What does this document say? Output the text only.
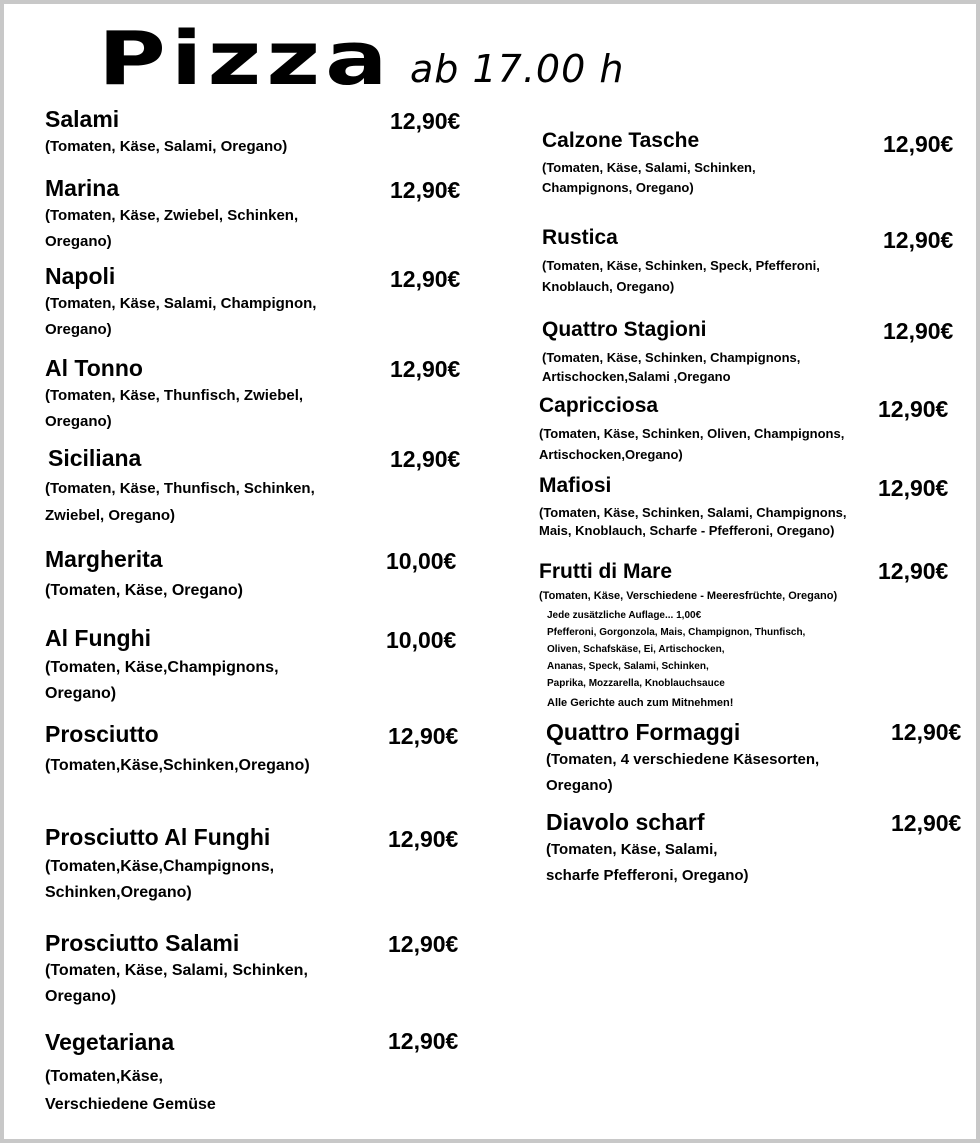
Pizza ab 17.00 h
Salami
(Tomaten, Käse, Salami, Oregano)
12,90€
Marina
(Tomaten, Käse, Zwiebel, Schinken,
Oregano)
12,90€
Napoli
(Tomaten, Käse, Salami, Champignon,
Oregano)
12,90€
Al Tonno
(Tomaten, Käse, Thunfisch, Zwiebel,
Oregano)
12,90€
Siciliana
(Tomaten, Käse, Thunfisch, Schinken,
Zwiebel, Oregano)
12,90€
Margherita
(Tomaten, Käse, Oregano)
10,00€
Al Funghi
(Tomaten, Käse,Champignons,
Oregano)
10,00€
Prosciutto
(Tomaten,Käse,Schinken,Oregano)
12,90€
Prosciutto Al Funghi
(Tomaten,Käse,Champignons,
Schinken,Oregano)
12,90€
Prosciutto Salami
(Tomaten, Käse, Salami, Schinken,
Oregano)
12,90€
Vegetariana
(Tomaten,Käse,
Verschiedene Gemüse
12,90€
Calzone Tasche
(Tomaten, Käse, Salami, Schinken,
Champignons, Oregano)
12,90€
Rustica
(Tomaten, Käse, Schinken, Speck, Pfefferoni,
Knoblauch, Oregano)
12,90€
Quattro Stagioni
(Tomaten, Käse, Schinken, Champignons,
Artischocken,Salami ,Oregano
12,90€
Capricciosa
(Tomaten, Käse, Schinken, Oliven, Champignons,
Artischocken,Oregano)
12,90€
Mafiosi
(Tomaten, Käse, Schinken, Salami, Champignons,
Mais, Knoblauch, Scharfe - Pfefferoni, Oregano)
12,90€
Frutti di Mare
(Tomaten, Käse, Verschiedene - Meeresfrüchte, Oregano)
12,90€
Jede zusätzliche Auflage... 1,00€
Pfefferoni, Gorgonzola, Mais, Champignon, Thunfisch,
Oliven, Schafskäse, Ei, Artischocken,
Ananas, Speck, Salami, Schinken,
Paprika, Mozzarella, Knoblauchsauce
Alle Gerichte auch zum Mitnehmen!
Quattro Formaggi
(Tomaten, 4 verschiedene Käsesorten,
Oregano)
12,90€
Diavolo scharf
(Tomaten, Käse, Salami,
scharfe Pfefferoni, Oregano)
12,90€
